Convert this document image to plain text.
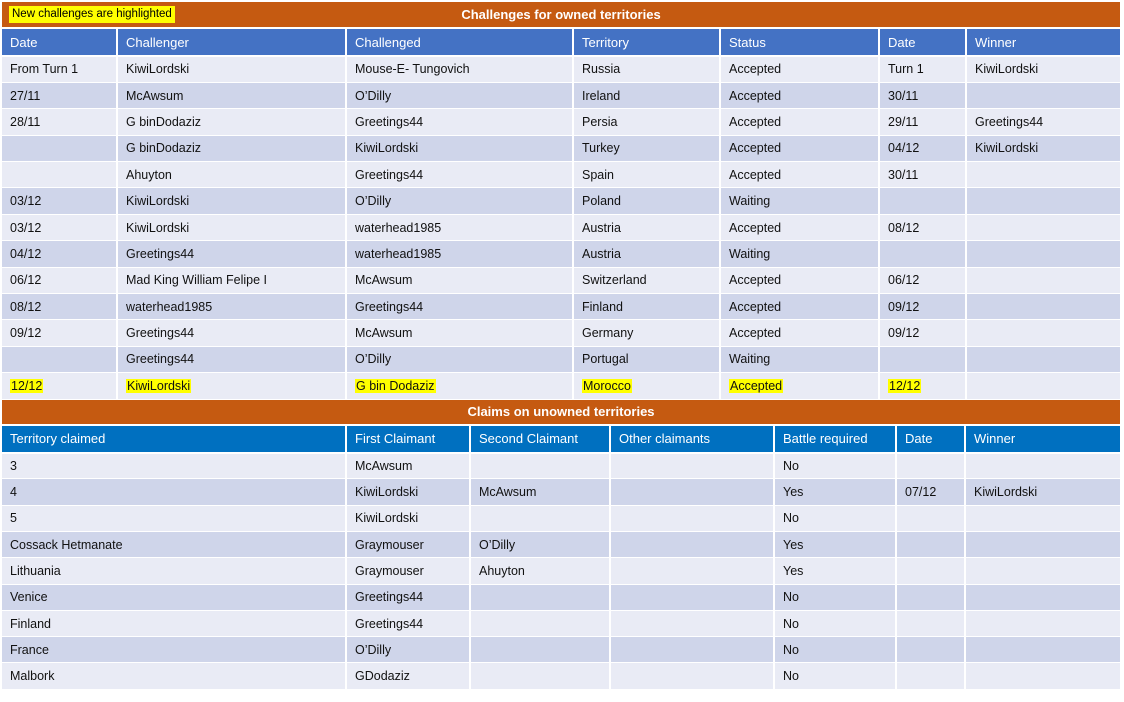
New challenges are highlighted	Challenges for owned territories
Date	Challenger	Challenged	Territory	Status	Date	Winner
From Turn 1	KiwiLordski	Mouse-E- Tungovich	Russia	Accepted	Turn 1	KiwiLordski
27/11	McAwsum	O’Dilly	Ireland	Accepted	30/11	
28/11	G binDodaziz	Greetings44	Persia	Accepted	29/11	Greetings44
	G binDodaziz	KiwiLordski	Turkey	Accepted	04/12	KiwiLordski
	Ahuyton	Greetings44	Spain	Accepted	30/11	
03/12	KiwiLordski	O’Dilly	Poland	Waiting		
03/12	KiwiLordski	waterhead1985	Austria	Accepted	08/12	
04/12	Greetings44	waterhead1985	Austria	Waiting		
06/12	Mad King William Felipe I	McAwsum	Switzerland	Accepted	06/12	
08/12	waterhead1985	Greetings44	Finland	Accepted	09/12	
09/12	Greetings44	McAwsum	Germany	Accepted	09/12	
	Greetings44	O’Dilly	Portugal	Waiting		
12/12	KiwiLordski	G bin Dodaziz	Morocco	Accepted	12/12	
Claims on unowned territories
Territory claimed	First Claimant	Second Claimant	Other claimants	Battle required	Date	Winner
3	McAwsum			No		
4	KiwiLordski	McAwsum		Yes	07/12	KiwiLordski
5	KiwiLordski			No		
Cossack Hetmanate	Graymouser	O’Dilly		Yes		
Lithuania	Graymouser	Ahuyton		Yes		
Venice	Greetings44			No		
Finland	Greetings44			No		
France	O’Dilly			No		
Malbork	GDodaziz			No		
